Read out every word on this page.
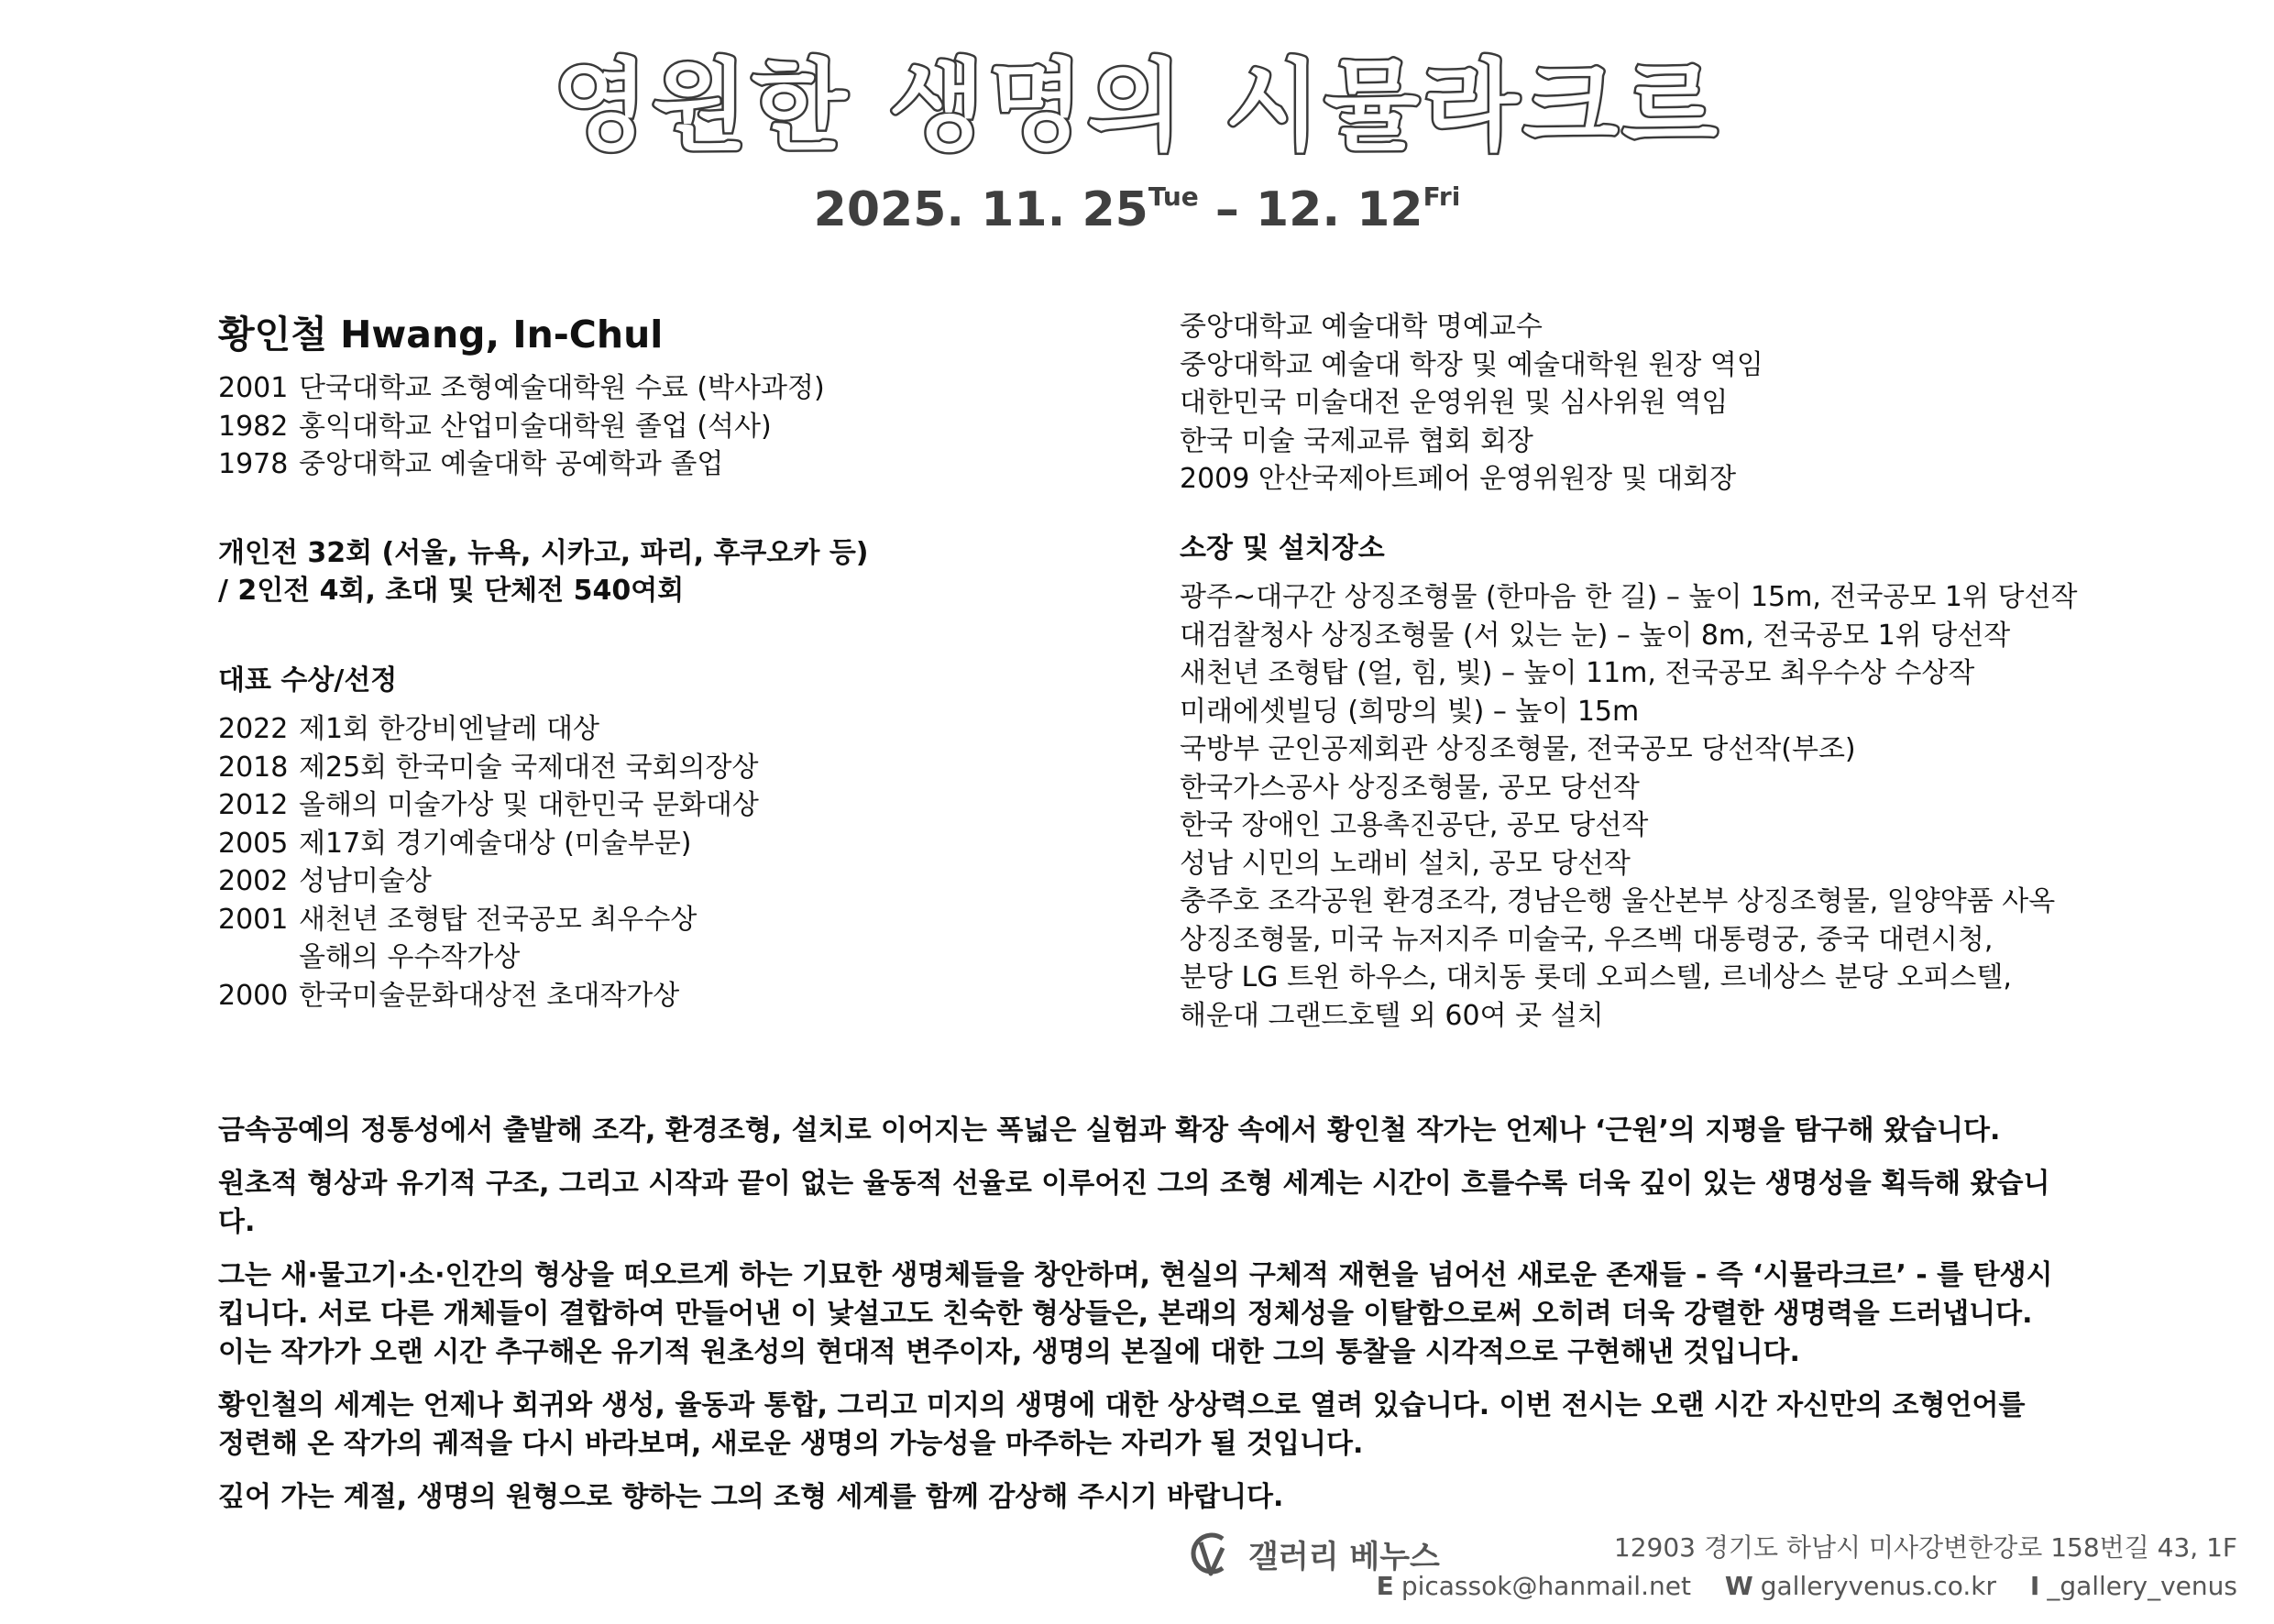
영원한 생명의 시뮬라크르
2025. 11. $25^{Tue} - 12$. $12^{Fri}$
황인철 Hwang, In-Chul
2001 단국대학교 조형예술대학원 수료 (박사과정)
1982 홍익대학교 산업미술대학원 졸업 (석사)
1978 중앙대학교 예술대학 공예학과 졸업
개인전 32회 (서울, 뉴욕, 시카고, 파리, 후쿠오카 등)
/ 2인전 4회, 초대 및 단체전 540여회
대표 수상/선정
2022 제1회 한강비엔날레 대상
2018 제25회 한국미술 국제대전 국회의장상
2012 올해의 미술가상 및 대한민국 문화대상
2005 제17회 경기예술대상 (미술부문)
2002 성남미술상
2001 새천년 조형탑 전국공모 최우수상
올해의 우수작가상
2000 한국미술문화대상전 초대작가상
중앙대학교 예술대학 명예교수
중앙대학교 예술대 학장 및 예술대학원 원장 역임
대한민국 미술대전 운영위원 및 심사위원 역임
한국 미술 국제교류 협회 회장
2009 안산국제아트페어 운영위원장 및 대회장
소장 및 설치장소
광주~대구간 상징조형물 (한마음 한 길) – 높이 15m, 전국공모 1위 당선작
대검찰청사 상징조형물 (서 있는 눈) – 높이 8m, 전국공모 1위 당선작
새천년 조형탑 (얼, 힘, 빛) – 높이 11m, 전국공모 최우수상 수상작
미래에셋빌딩 (희망의 빛) – 높이 15m
국방부 군인공제회관 상징조형물, 전국공모 당선작(부조)
한국가스공사 상징조형물, 공모 당선작
한국 장애인 고용촉진공단, 공모 당선작
성남 시민의 노래비 설치, 공모 당선작
충주호 조각공원 환경조각, 경남은행 울산본부 상징조형물, 일양약품 사옥
상징조형물, 미국 뉴저지주 미술국, 우즈벡 대통령궁, 중국 대련시청,
분당 LG 트윈 하우스, 대치동 롯데 오피스텔, 르네상스 분당 오피스텔,
해운대 그랜드호텔 외 60여 곳 설치

금속공예의 정통성에서 출발해 조각, 환경조형, 설치로 이어지는 폭넓은 실험과 확장 속에서 황인철 작가는 언제나 ‘근원’의 지평을 탐구해 왔습니다.

원초적 형상과 유기적 구조, 그리고 시작과 끝이 없는 율동적 선율로 이루어진 그의 조형 세계는 시간이 흐를수록 더욱 깊이 있는 생명성을 획득해 왔습니다.

그는 새·물고기·소·인간의 형상을 떠오르게 하는 기묘한 생명체들을 창안하며, 현실의 구체적 재현을 넘어선 새로운 존재들 - 즉 ‘시뮬라크르’ - 를 탄생시킵니다. 서로 다른 개체들이 결합하여 만들어낸 이 낯설고도 친숙한 형상들은, 본래의 정체성을 이탈함으로써 오히려 더욱 강렬한 생명력을 드러냅니다. 이는 작가가 오랜 시간 추구해온 유기적 원초성의 현대적 변주이자, 생명의 본질에 대한 그의 통찰을 시각적으로 구현해낸 것입니다.

황인철의 세계는 언제나 회귀와 생성, 율동과 통합, 그리고 미지의 생명에 대한 상상력으로 열려 있습니다. 이번 전시는 오랜 시간 자신만의 조형언어를 정련해 온 작가의 궤적을 다시 바라보며, 새로운 생명의 가능성을 마주하는 자리가 될 것입니다.

깊어 가는 계절, 생명의 원형으로 향하는 그의 조형 세계를 함께 감상해 주시기 바랍니다.

갤러리 베누스	12903 경기도 하남시 미사강변한강로 158번길 43, 1F
E picassok@hanmail.net W galleryvenus.co.kr I _gallery_venus
